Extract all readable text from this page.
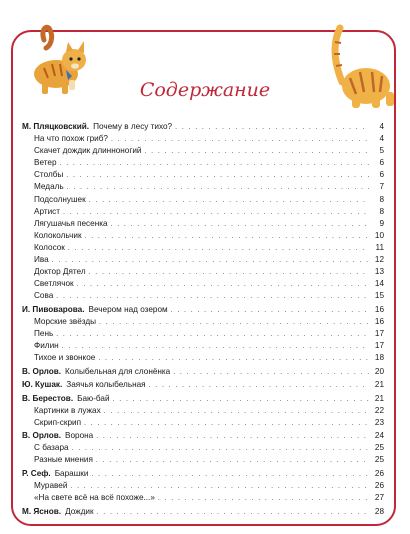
Содержание
М. Пляцковский. Почему в лесу тихо? . . .	4
На что похож гриб? . . .	4
Скачет дождик длинноногий . . .	5
Ветер . . .	6
Столбы . . .	6
Медаль . . .	7
Подсолнушек . . .	8
Артист . . .	8
Лягушачья песенка . . .	9
Колокольчик . . .	10
Колосок . . .	11
Ива . . .	12
Доктор Дятел . . .	13
Светлячок . . .	14
Сова . . .	15
И. Пивоварова. Вечером над озером . . .	16
Морские звёзды . . .	16
Пень . . .	17
Филин . . .	17
Тихое и звонкое . . .	18
В. Орлов. Колыбельная для слонёнка . . .	20
Ю. Кушак. Заячья колыбельная . . .	21
В. Берестов. Баю-бай . . .	21
Картинки в лужах . . .	22
Скрип-скрип . . .	23
В. Орлов. Ворона . . .	24
С базара . . .	25
Разные мнения . . .	25
Р. Сеф. Барашки . . .	26
Муравей . . .	26
«На свете всё на всё похоже...» . . .	27
М. Яснов. Дождик . . .	28
